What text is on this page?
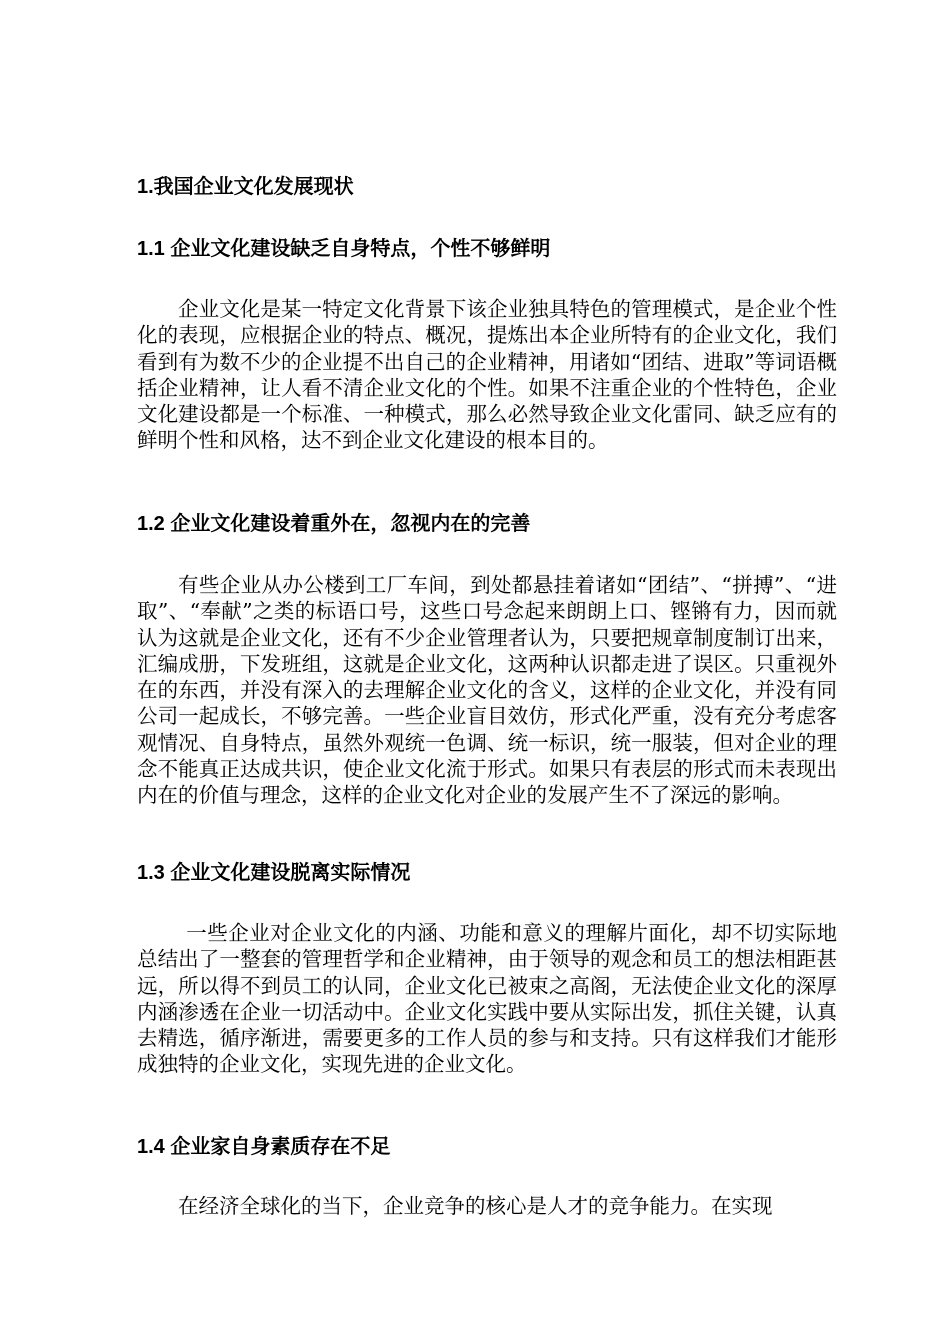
1.我国企业文化发展现状
1.1 企业文化建设缺乏自身特点，个性不够鲜明

企业文化是某一特定文化背景下该企业独具特色的管理模式，是企业个性化的表现，应根据企业的特点、概况，提炼出本企业所特有的企业文化，我们看到有为数不少的企业提不出自己的企业精神，用诸如“团结、进取”等词语概括企业精神，让人看不清企业文化的个性。如果不注重企业的个性特色，企业文化建设都是一个标准、一种模式，那么必然导致企业文化雷同、缺乏应有的鲜明个性和风格，达不到企业文化建设的根本目的。

1.2 企业文化建设着重外在，忽视内在的完善

有些企业从办公楼到工厂车间，到处都悬挂着诸如“团结”、“拼搏”、“进取”、“奉献”之类的标语口号，这些口号念起来朗朗上口、铿锵有力，因而就认为这就是企业文化，还有不少企业管理者认为，只要把规章制度制订出来，汇编成册，下发班组，这就是企业文化，这两种认识都走进了误区。只重视外在的东西，并没有深入的去理解企业文化的含义，这样的企业文化，并没有同公司一起成长，不够完善。一些企业盲目效仿，形式化严重，没有充分考虑客观情况、自身特点，虽然外观统一色调、统一标识，统一服装，但对企业的理念不能真正达成共识，使企业文化流于形式。如果只有表层的形式而未表现出内在的价值与理念，这样的企业文化对企业的发展产生不了深远的影响。

1.3 企业文化建设脱离实际情况

一些企业对企业文化的内涵、功能和意义的理解片面化，却不切实际地总结出了一整套的管理哲学和企业精神，由于领导的观念和员工的想法相距甚远，所以得不到员工的认同，企业文化已被束之高阁，无法使企业文化的深厚内涵渗透在企业一切活动中。企业文化实践中要从实际出发，抓住关键，认真去精选，循序渐进，需要更多的工作人员的参与和支持。只有这样我们才能形成独特的企业文化，实现先进的企业文化。

1.4 企业家自身素质存在不足

在经济全球化的当下，企业竞争的核心是人才的竞争能力。在实现
